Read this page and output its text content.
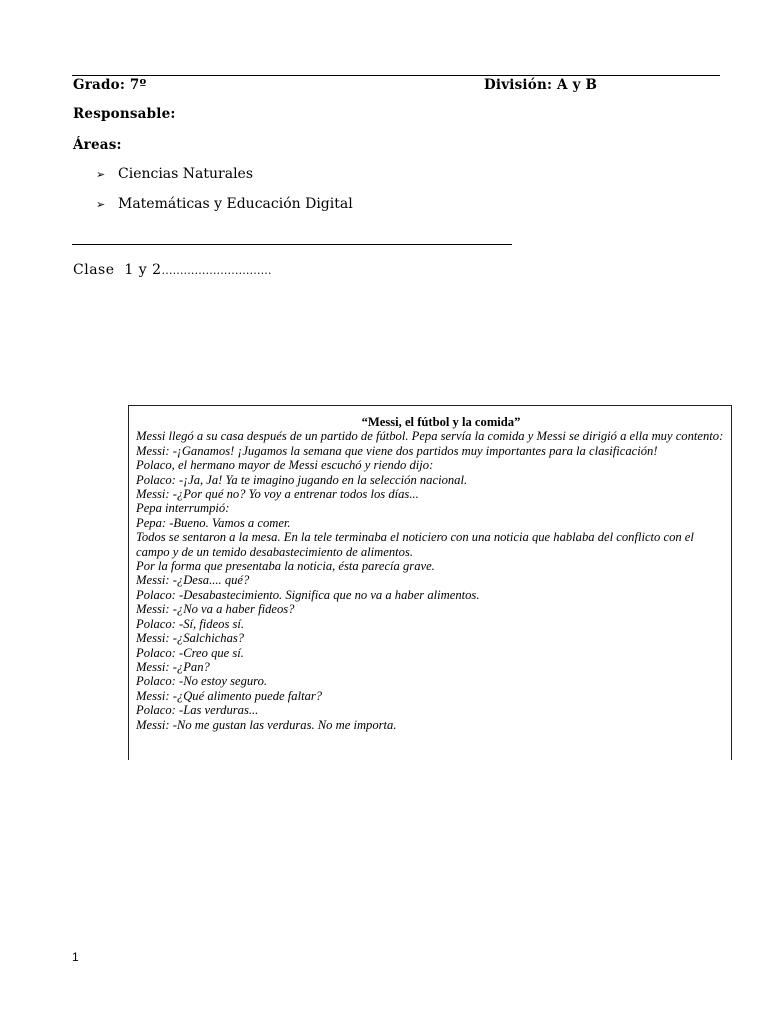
Grado: 7º	División: A y B
Responsable:
Áreas:
➢ Ciencias Naturales
➢ Matemáticas y Educación Digital
Clase 1 y 2…………………………
“Messi, el fútbol y la comida”
Messi llegó a su casa después de un partido de fútbol. Pepa servía la comida y Messi se dirigió a ella muy contento:
Messi: -¡Ganamos! ¡Jugamos la semana que viene dos partidos muy importantes para la clasificación!
Polaco, el hermano mayor de Messi escuchó y riendo dijo:
Polaco: -¡Ja, Ja! Ya te imagino jugando en la selección nacional.
Messi: -¿Por qué no? Yo voy a entrenar todos los días...
Pepa interrumpió:
Pepa: -Bueno. Vamos a comer.
Todos se sentaron a la mesa. En la tele terminaba el noticiero con una noticia que hablaba del conflicto con el campo y de un temido desabastecimiento de alimentos.
Por la forma que presentaba la noticia, ésta parecía grave.
Messi: -¿Desa.... qué?
Polaco: -Desabastecimiento. Significa que no va a haber alimentos.
Messi: -¿No va a haber fideos?
Polaco: -Sí, fideos sí.
Messi: -¿Salchichas?
Polaco: -Creo que sí.
Messi: -¿Pan?
Polaco: -No estoy seguro.
Messi: -¿Qué alimento puede faltar?
Polaco: -Las verduras...
Messi: -No me gustan las verduras. No me importa.
1
